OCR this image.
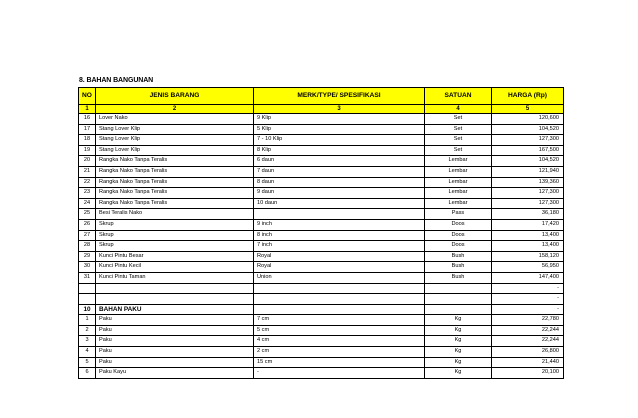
8. BAHAN BANGUNAN
NO	JENIS BARANG	MERK/TYPE/ SPESIFIKASI	SATUAN	HARGA (Rp)
1	2	3	4	5
16	Lover Nako	9 Klip	Set	120,600
17	Stang Lover Klip	5 Klip	Set	104,520
18	Stang Lover Klip	7 - 10 Klip	Set	127,300
19	Stang Lover Klip	8 Klip	Set	167,500
20	Rangka Nako Tanpa Teralis	6 daun	Lembar	104,520
21	Rangka Nako Tanpa Teralis	7 daun	Lembar	121,940
22	Rangka Nako Tanpa Teralis	8 daun	Lembar	139,360
23	Rangka Nako Tanpa Teralis	9 daun	Lembar	127,300
24	Rangka Nako Tanpa Teralis	10 daun	Lembar	127,300
25	Besi Teralis Nako		Pass	36,180
26	Skrup	9 inch	Doos	17,420
27	Skrup	8 inch	Doos	13,400
28	Skrup	7 inch	Doos	13,400
29	Kunci Pintu Besar	Royal	Bush	158,120
30	Kunci Pintu Kecil	Royal	Bush	56,950
31	Kunci Pintu Taman	Union	Bush	147,400
				-
				-
10	BAHAN PAKU			-
1	Paku	7 cm	Kg	22,780
2	Paku	5 cm	Kg	22,244
3	Paku	4 cm	Kg	22,244
4	Paku	2 cm	Kg	26,800
5	Paku	15 cm	Kg	21,440
6	Paku Kayu	-	Kg	20,100
